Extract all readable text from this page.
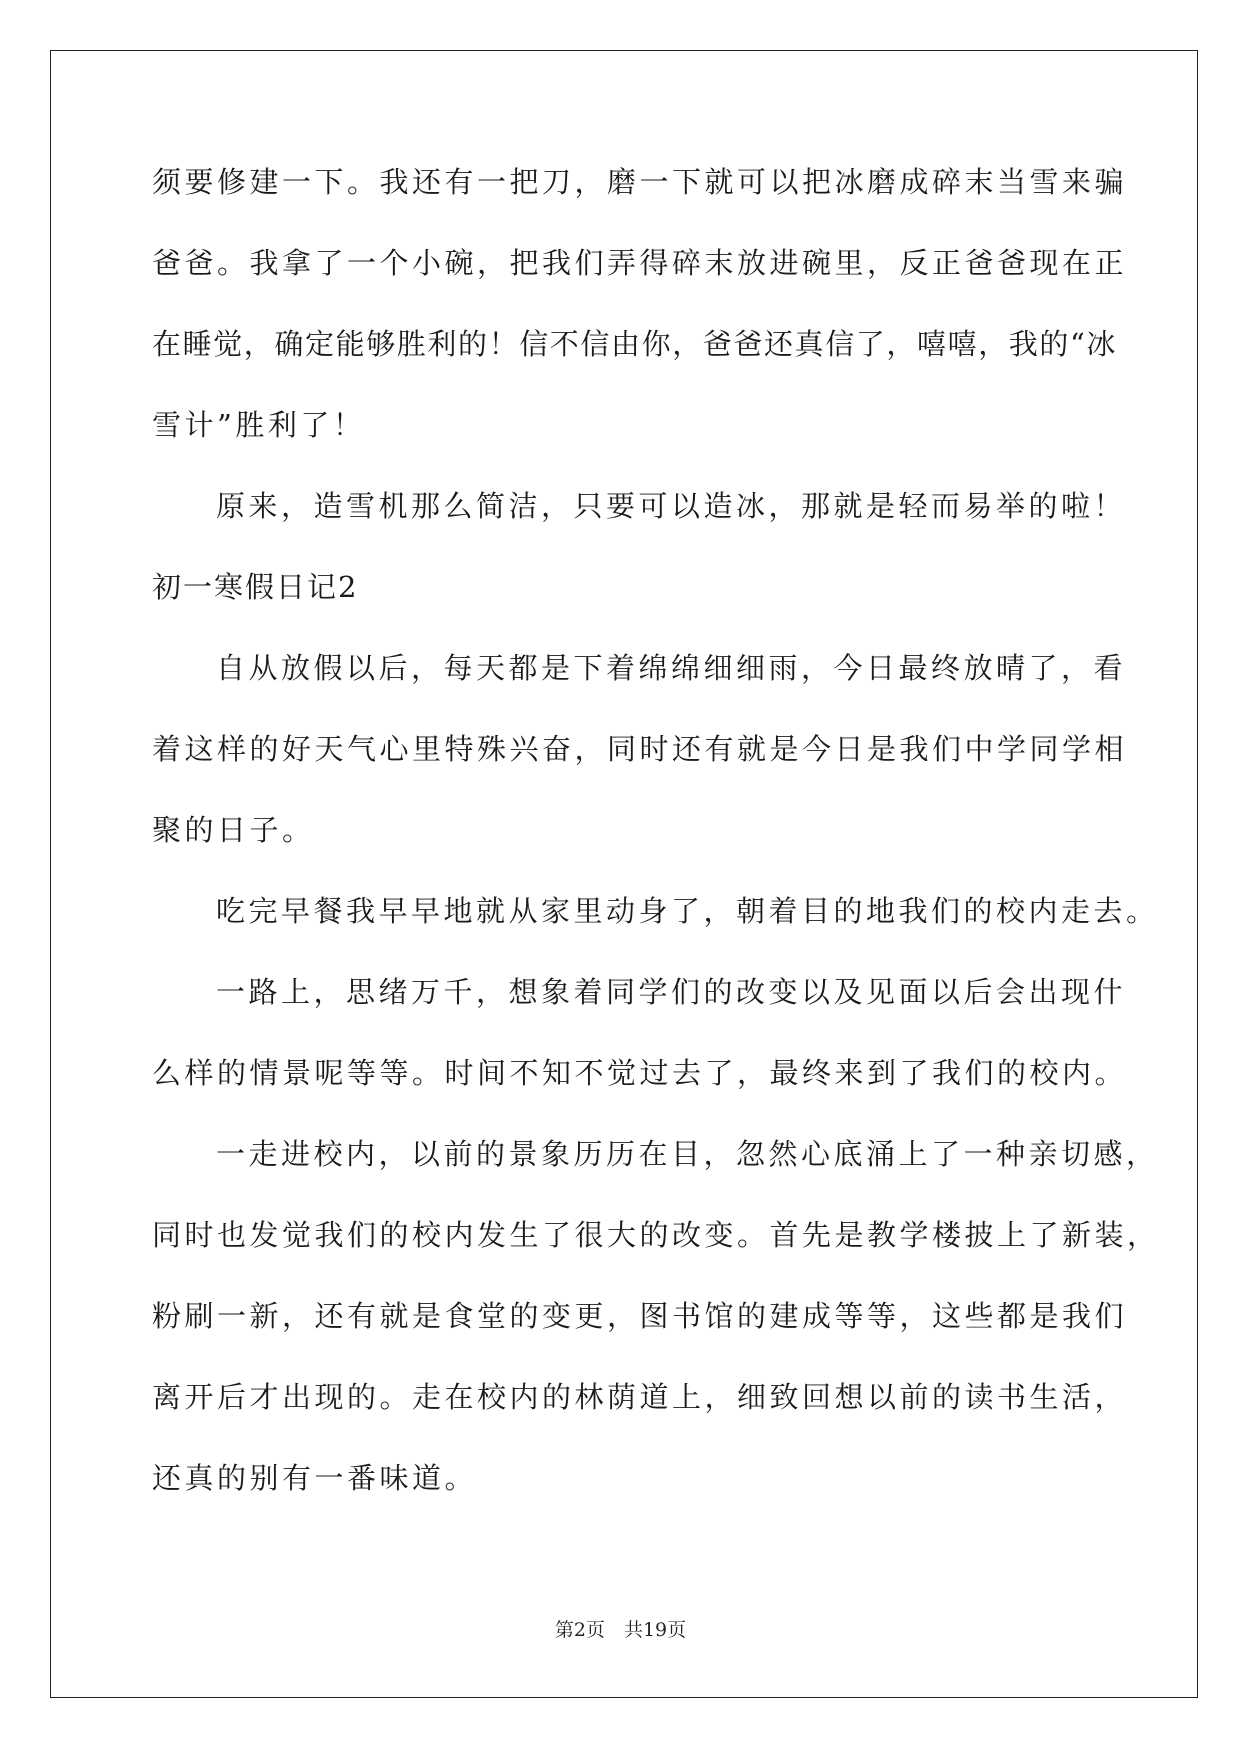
须要修建一下。我还有一把刀，磨一下就可以把冰磨成碎末当雪来骗
爸爸。我拿了一个小碗，把我们弄得碎末放进碗里，反正爸爸现在正
在睡觉，确定能够胜利的！信不信由你，爸爸还真信了，嘻嘻，我的“冰
雪计”胜利了！
原来，造雪机那么简洁，只要可以造冰，那就是轻而易举的啦！
初一寒假日记2
自从放假以后，每天都是下着绵绵细细雨，今日最终放晴了，看
着这样的好天气心里特殊兴奋，同时还有就是今日是我们中学同学相
聚的日子。
吃完早餐我早早地就从家里动身了，朝着目的地我们的校内走去。
一路上，思绪万千，想象着同学们的改变以及见面以后会出现什
么样的情景呢等等。时间不知不觉过去了，最终来到了我们的校内。
一走进校内，以前的景象历历在目，忽然心底涌上了一种亲切感，
同时也发觉我们的校内发生了很大的改变。首先是教学楼披上了新装，
粉刷一新，还有就是食堂的变更，图书馆的建成等等，这些都是我们
离开后才出现的。走在校内的林荫道上，细致回想以前的读书生活，
还真的别有一番味道。
第2页　共19页
